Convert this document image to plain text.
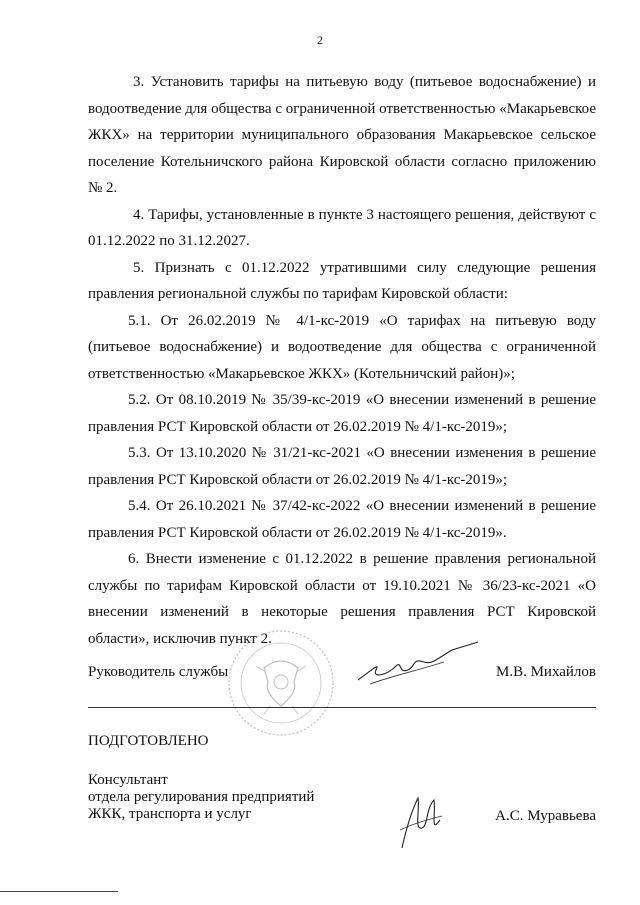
2

3. Установить тарифы на питьевую воду (питьевое водоснабжение) и водоотведение для общества с ограниченной ответственностью «Макарьевское ЖКХ» на территории муниципального образования Макарьевское сельское поселение Котельничского района Кировской области согласно приложению № 2.

4. Тарифы, установленные в пункте 3 настоящего решения, действуют с 01.12.2022 по 31.12.2027.

5. Признать с 01.12.2022 утратившими силу следующие решения правления региональной службы по тарифам Кировской области:

5.1. От 26.02.2019 № 4/1-кс-2019 «О тарифах на питьевую воду (питьевое водоснабжение) и водоотведение для общества с ограниченной ответственностью «Макарьевское ЖКХ» (Котельничский район)»;

5.2. От 08.10.2019 № 35/39-кс-2019 «О внесении изменений в решение правления РСТ Кировской области от 26.02.2019 № 4/1-кс-2019»;

5.3. От 13.10.2020 № 31/21-кс-2021 «О внесении изменения в решение правления РСТ Кировской области от 26.02.2019 № 4/1-кс-2019»;

5.4. От 26.10.2021 № 37/42-кс-2022 «О внесении изменений в решение правления РСТ Кировской области от 26.02.2019 № 4/1-кс-2019».

6. Внести изменение с 01.12.2022 в решение правления региональной службы по тарифам Кировской области от 19.10.2021 № 36/23-кс-2021 «О внесении изменений в некоторые решения правления РСТ Кировской области», исключив пункт 2.

Руководитель службы	М.В. Михайлов
ПОДГОТОВЛЕНО
Консультант
отдела регулирования предприятий
ЖКК, транспорта и услуг	А.С. Муравьева
